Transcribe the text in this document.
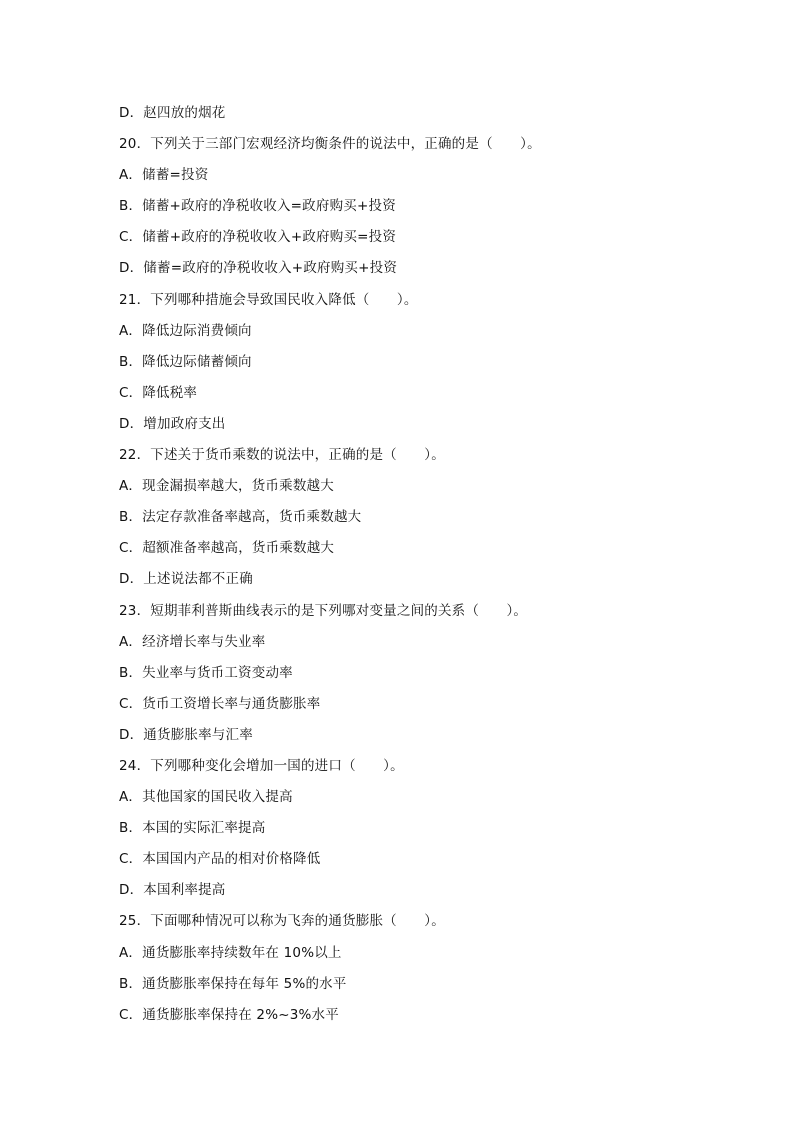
D．赵四放的烟花
20．下列关于三部门宏观经济均衡条件的说法中，正确的是（　　）。
A．储蓄=投资
B．储蓄+政府的净税收收入=政府购买+投资
C．储蓄+政府的净税收收入+政府购买=投资
D．储蓄=政府的净税收收入+政府购买+投资
21．下列哪种措施会导致国民收入降低（　　）。
A．降低边际消费倾向
B．降低边际储蓄倾向
C．降低税率
D．增加政府支出
22．下述关于货币乘数的说法中，正确的是（　　）。
A．现金漏损率越大，货币乘数越大
B．法定存款准备率越高，货币乘数越大
C．超额准备率越高，货币乘数越大
D．上述说法都不正确
23．短期菲利普斯曲线表示的是下列哪对变量之间的关系（　　）。
A．经济增长率与失业率
B．失业率与货币工资变动率
C．货币工资增长率与通货膨胀率
D．通货膨胀率与汇率
24．下列哪种变化会增加一国的进口（　　）。
A．其他国家的国民收入提高
B．本国的实际汇率提高
C．本国国内产品的相对价格降低
D．本国利率提高
25．下面哪种情况可以称为飞奔的通货膨胀（　　）。
A．通货膨胀率持续数年在 10%以上
B．通货膨胀率保持在每年 5%的水平
C．通货膨胀率保持在 2%~3%水平
